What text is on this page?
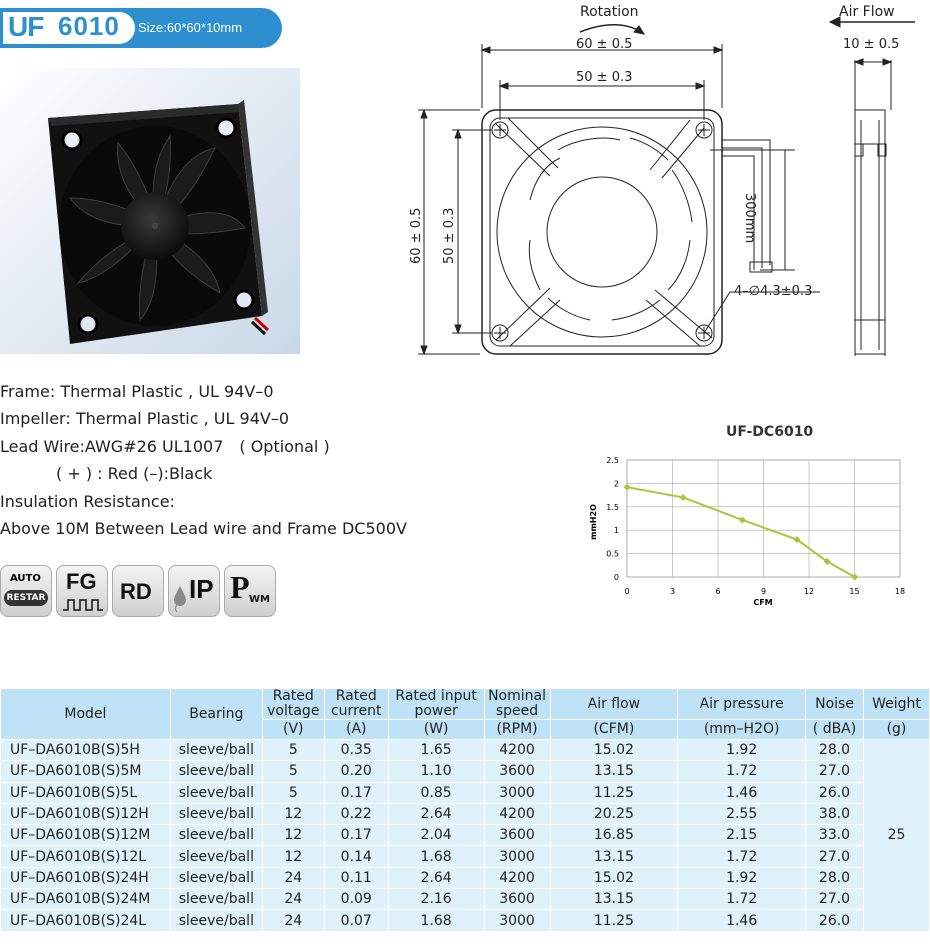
UF 6010 Size:60*60*10mm
Rotation	Air Flow
60 ± 0.5
50 ± 0.3
10 ± 0.5
4–∅4.3±0.3
300mm
60 ± 0.5 50 ± 0.3
Frame: Thermal Plastic , UL 94V–0
Impeller: Thermal Plastic , UL 94V–0
Lead Wire:AWG#26 UL1007　( Optional )
( + ) : Red (–):Black
Insulation Resistance:
Above 10M Between Lead wire and Frame DC500V
AUTO
RESTAR
FG RD IP P WM
UF-DC6010
0	3	6	9	12	15	18
0
0.5
1
1.5
2
2.5
CFM
mmH2O
Model	Bearing	Rated voltage	Rated current	Rated input power	Nominal speed	Air flow	Air pressure	Noise	Weight
		(V)	(A)	(W)	(RPM)	(CFM)	(mm–H2O)	( dBA)	(g)
UF–DA6010B(S)5H	sleeve/ball	5	0.35	1.65	4200	15.02	1.92	28.0	25
UF–DA6010B(S)5M	sleeve/ball	5	0.20	1.10	3600	13.15	1.72	27.0	
UF–DA6010B(S)5L	sleeve/ball	5	0.17	0.85	3000	11.25	1.46	26.0	
UF–DA6010B(S)12H	sleeve/ball	12	0.22	2.64	4200	20.25	2.55	38.0	
UF–DA6010B(S)12M	sleeve/ball	12	0.17	2.04	3600	16.85	2.15	33.0	
UF–DA6010B(S)12L	sleeve/ball	12	0.14	1.68	3000	13.15	1.72	27.0	
UF–DA6010B(S)24H	sleeve/ball	24	0.11	2.64	4200	15.02	1.92	28.0	
UF–DA6010B(S)24M	sleeve/ball	24	0.09	2.16	3600	13.15	1.72	27.0	
UF–DA6010B(S)24L	sleeve/ball	24	0.07	1.68	3000	11.25	1.46	26.0	
